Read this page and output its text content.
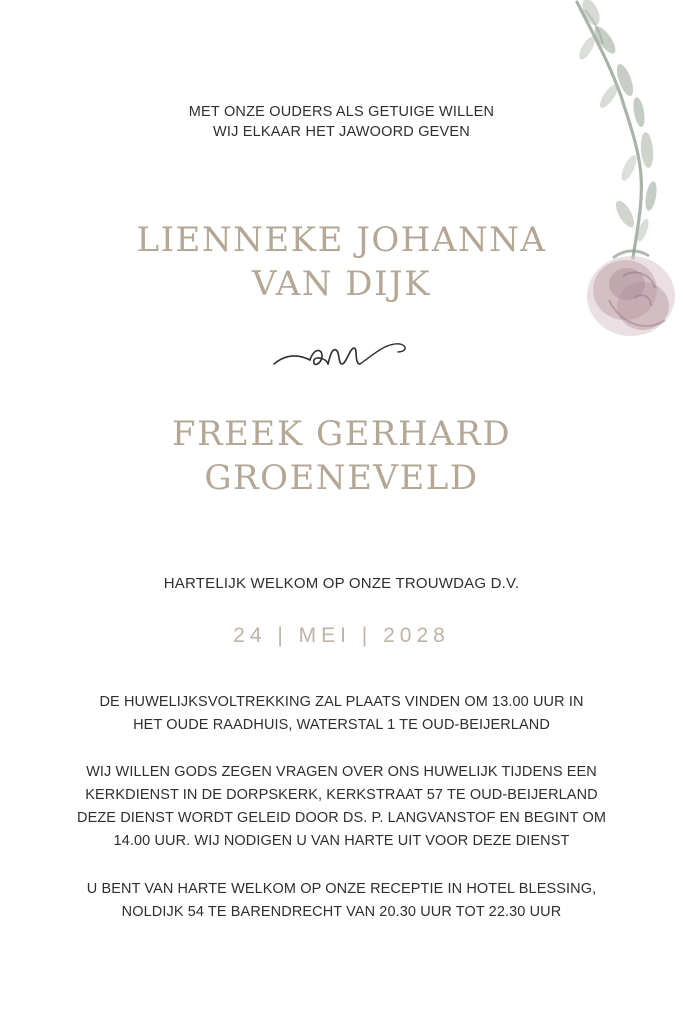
MET ONZE OUDERS ALS GETUIGE WILLEN
WIJ ELKAAR HET JAWOORD GEVEN
LIENNEKE JOHANNA
VAN DIJK
en
FREEK GERHARD
GROENEVELD
HARTELIJK WELKOM OP ONZE TROUWDAG D.V.
24 | MEI | 2028
DE HUWELIJKSVOLTREKKING ZAL PLAATS VINDEN OM 13.00 UUR IN
HET OUDE RAADHUIS, WATERSTAL 1 TE OUD-BEIJERLAND
WIJ WILLEN GODS ZEGEN VRAGEN OVER ONS HUWELIJK TIJDENS EEN
KERKDIENST IN DE DORPSKERK, KERKSTRAAT 57 TE OUD-BEIJERLAND
DEZE DIENST WORDT GELEID DOOR DS. P. LANGVANSTOF EN BEGINT OM
14.00 UUR. WIJ NODIGEN U VAN HARTE UIT VOOR DEZE DIENST
U BENT VAN HARTE WELKOM OP ONZE RECEPTIE IN HOTEL BLESSING,
NOLDIJK 54 TE BARENDRECHT VAN 20.30 UUR TOT 22.30 UUR
